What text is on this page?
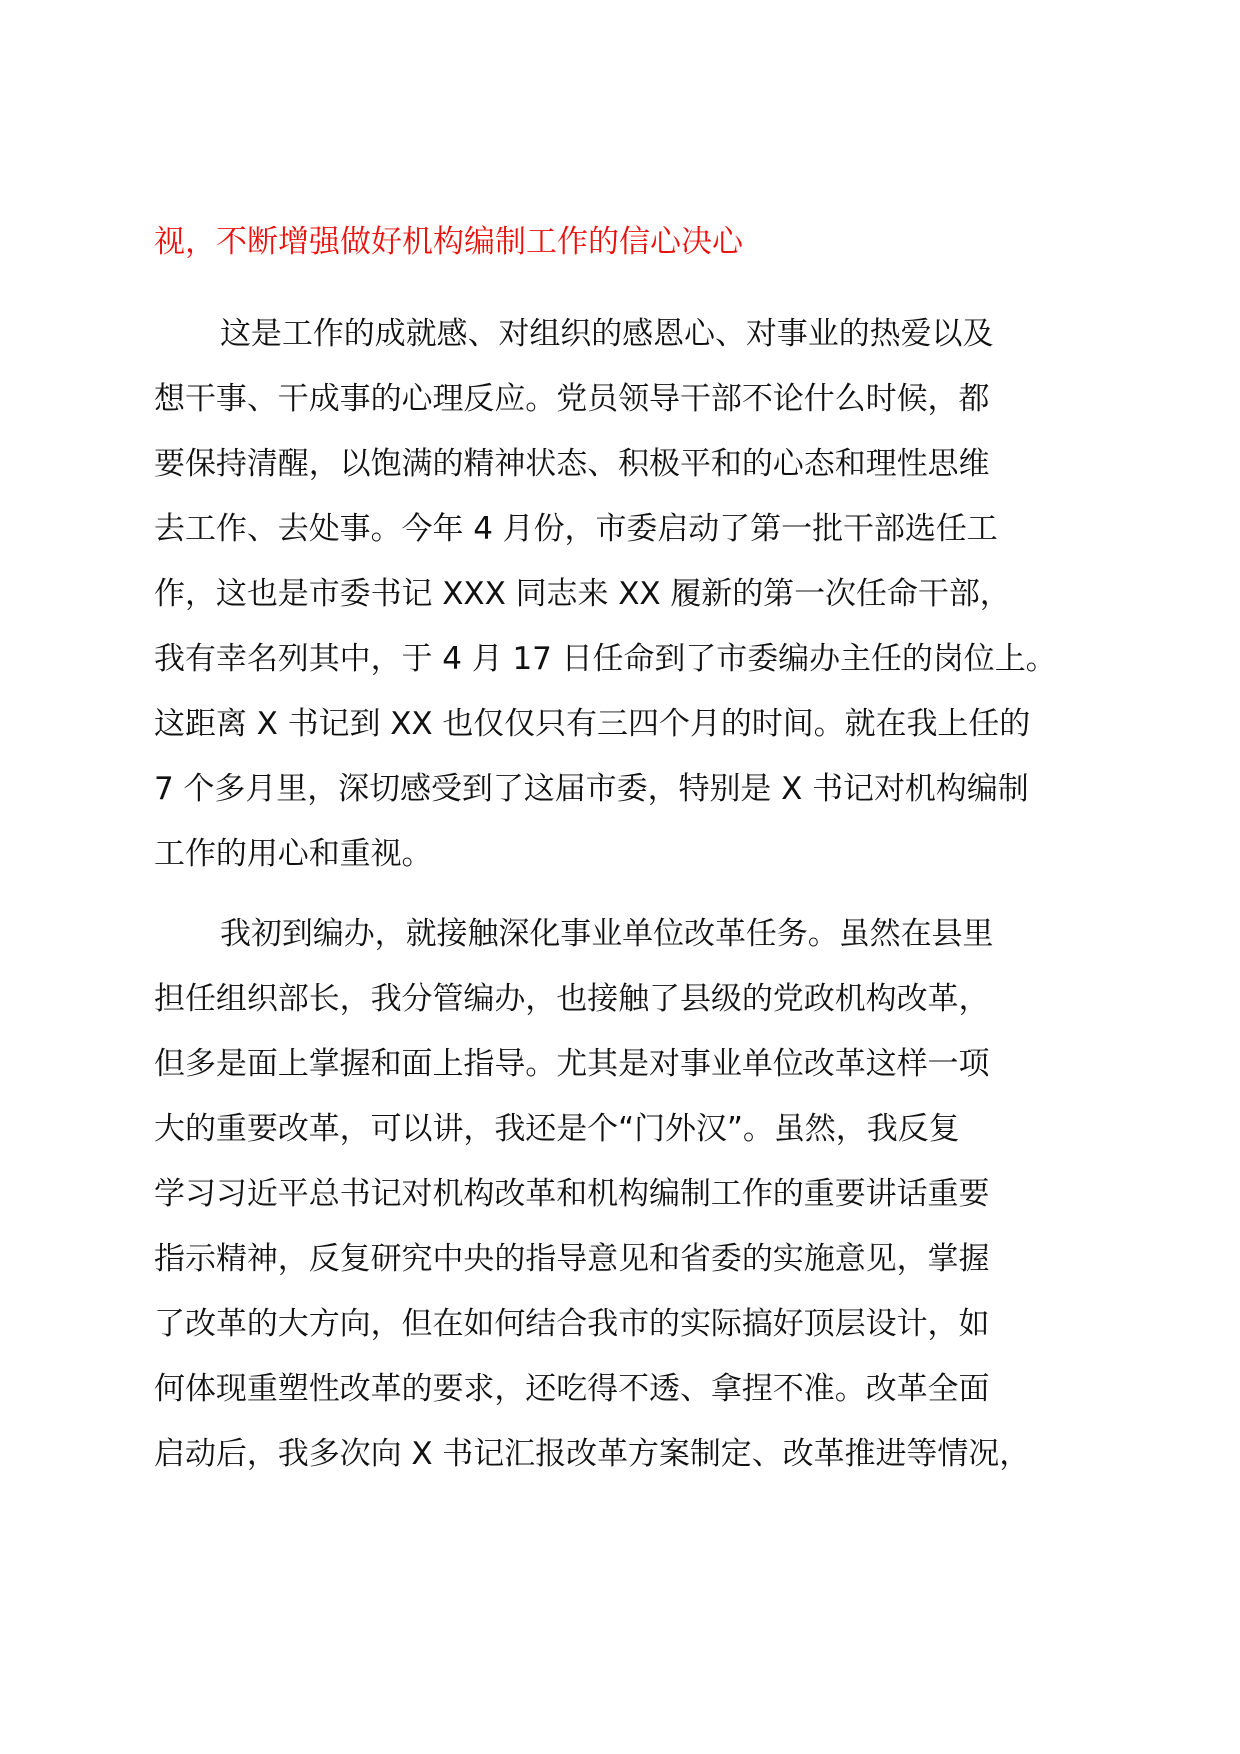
视，不断增强做好机构编制工作的信心决心
这是工作的成就感、对组织的感恩心、对事业的热爱以及
想干事、干成事的心理反应。党员领导干部不论什么时候，都
要保持清醒，以饱满的精神状态、积极平和的心态和理性思维
去工作、去处事。今年 4 月份，市委启动了第一批干部选任工
作，这也是市委书记 XXX 同志来 XX 履新的第一次任命干部，
我有幸名列其中，于 4 月 17 日任命到了市委编办主任的岗位上。
这距离 X 书记到 XX 也仅仅只有三四个月的时间。就在我上任的
7 个多月里，深切感受到了这届市委，特别是 X 书记对机构编制
工作的用心和重视。
我初到编办，就接触深化事业单位改革任务。虽然在县里
担任组织部长，我分管编办，也接触了县级的党政机构改革，
但多是面上掌握和面上指导。尤其是对事业单位改革这样一项
大的重要改革，可以讲，我还是个“门外汉”。虽然，我反复
学习习近平总书记对机构改革和机构编制工作的重要讲话重要
指示精神，反复研究中央的指导意见和省委的实施意见，掌握
了改革的大方向，但在如何结合我市的实际搞好顶层设计，如
何体现重塑性改革的要求，还吃得不透、拿捏不准。改革全面
启动后，我多次向 X 书记汇报改革方案制定、改革推进等情况，
